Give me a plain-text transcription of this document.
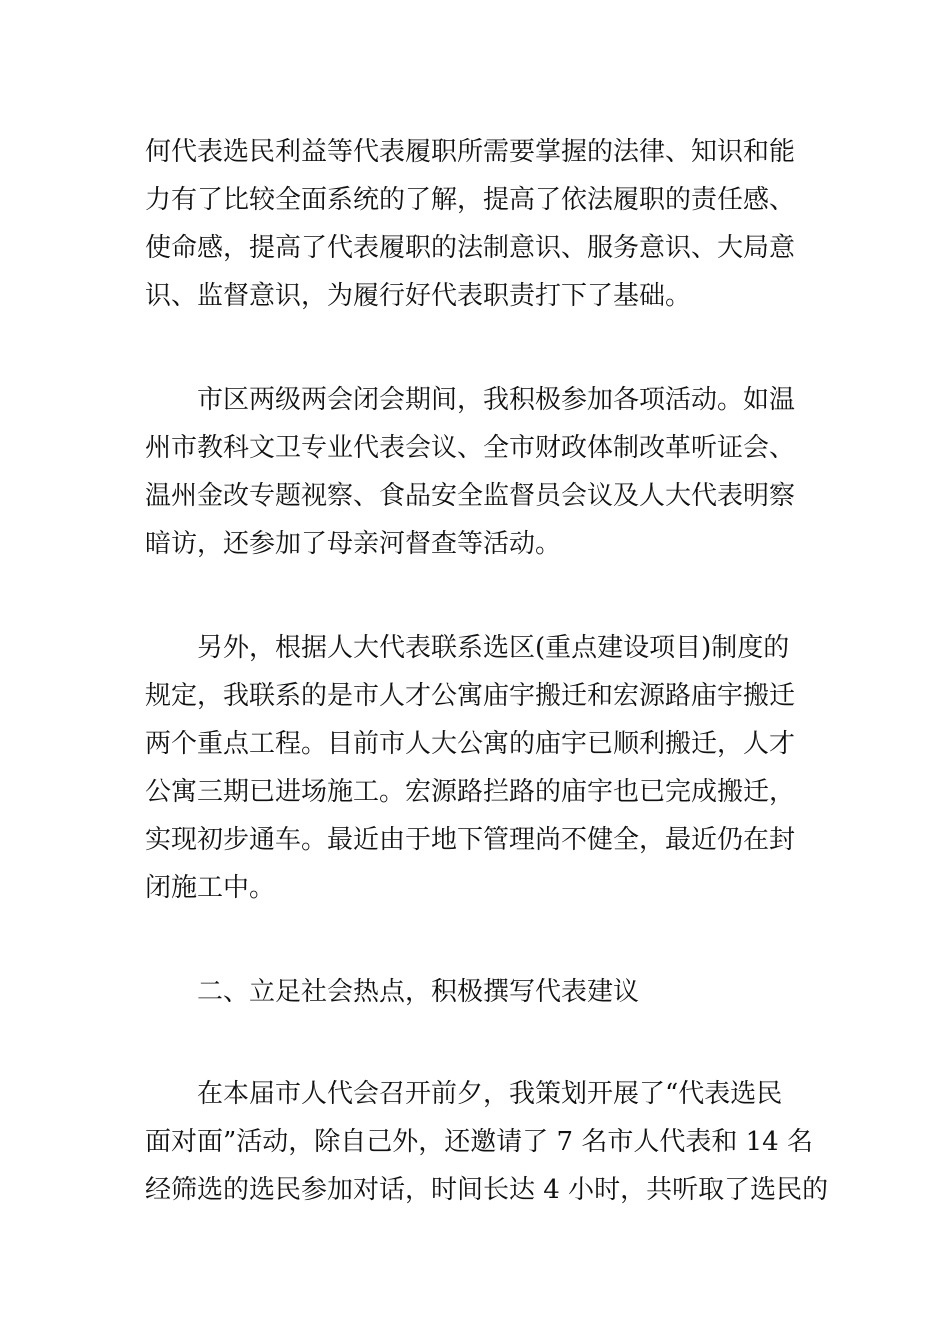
何代表选民利益等代表履职所需要掌握的法律、知识和能
力有了比较全面系统的了解，提高了依法履职的责任感、
使命感，提高了代表履职的法制意识、服务意识、大局意
识、监督意识，为履行好代表职责打下了基础。
市区两级两会闭会期间，我积极参加各项活动。如温
州市教科文卫专业代表会议、全市财政体制改革听证会、
温州金改专题视察、食品安全监督员会议及人大代表明察
暗访，还参加了母亲河督查等活动。
另外，根据人大代表联系选区(重点建设项目)制度的
规定，我联系的是市人才公寓庙宇搬迁和宏源路庙宇搬迁
两个重点工程。目前市人大公寓的庙宇已顺利搬迁，人才
公寓三期已进场施工。宏源路拦路的庙宇也已完成搬迁，
实现初步通车。最近由于地下管理尚不健全，最近仍在封
闭施工中。
二、立足社会热点，积极撰写代表建议
在本届市人代会召开前夕，我策划开展了“代表选民
面对面”活动，除自己外，还邀请了 7 名市人代表和 14 名
经筛选的选民参加对话，时间长达 4 小时，共听取了选民的
